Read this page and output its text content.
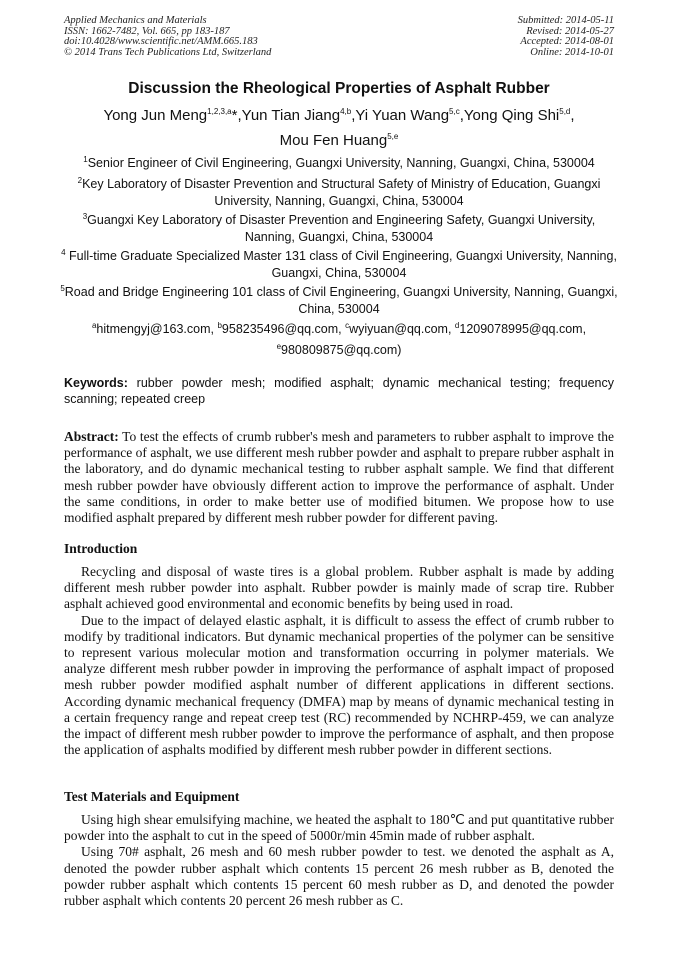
Applied Mechanics and Materials
ISSN: 1662-7482, Vol. 665, pp 183-187
doi:10.4028/www.scientific.net/AMM.665.183
© 2014 Trans Tech Publications Ltd, Switzerland
Submitted: 2014-05-11
Revised: 2014-05-27
Accepted: 2014-08-01
Online: 2014-10-01
Discussion the Rheological Properties of Asphalt Rubber
Yong Jun Meng$^{1,2,3,a}$*,Yun Tian Jiang$^{4,b}$,Yi Yuan Wang$^{5,c}$,Yong Qing Shi$^{5,d}$,
Mou Fen Huang$^{5,e}$
$^1$Senior Engineer of Civil Engineering, Guangxi University, Nanning, Guangxi, China, 530004
$^2$Key Laboratory of Disaster Prevention and Structural Safety of Ministry of Education, Guangxi University, Nanning, Guangxi, China, 530004
$^3$Guangxi Key Laboratory of Disaster Prevention and Engineering Safety, Guangxi University, Nanning, Guangxi, China, 530004
$^4$ Full-time Graduate Specialized Master 131 class of Civil Engineering, Guangxi University, Nanning, Guangxi, China, 530004
$^5$Road and Bridge Engineering 101 class of Civil Engineering, Guangxi University, Nanning, Guangxi, China, 530004
$^a$hitmengyj@163.com, $^b$958235496@qq.com, $^c$wyiyuan@qq.com, $^d$1209078995@qq.com,
$^e$980809875@qq.com)
Keywords: rubber powder mesh; modified asphalt; dynamic mechanical testing; frequency scanning; repeated creep
Abstract: To test the effects of crumb rubber's mesh and parameters to rubber asphalt to improve the performance of asphalt, we use different mesh rubber powder and asphalt to prepare rubber asphalt in the laboratory, and do dynamic mechanical testing to rubber asphalt sample. We find that different mesh rubber powder have obviously different action to improve the performance of asphalt. Under the same conditions, in order to make better use of modified bitumen. We propose how to use modified asphalt prepared by different mesh rubber powder for different paving.
Introduction

Recycling and disposal of waste tires is a global problem. Rubber asphalt is made by adding different mesh rubber powder into asphalt. Rubber powder is mainly made of scrap tire. Rubber asphalt achieved good environmental and economic benefits by being used in road.

Due to the impact of delayed elastic asphalt, it is difficult to assess the effect of crumb rubber to modify by traditional indicators. But dynamic mechanical properties of the polymer can be sensitive to represent various molecular motion and transformation occurring in polymer materials. We analyze different mesh rubber powder in improving the performance of asphalt impact of proposed mesh rubber powder modified asphalt number of different applications in different sections. According dynamic mechanical frequency (DMFA) map by means of dynamic mechanical testing in a certain frequency range and repeat creep test (RC) recommended by NCHRP-459, we can analyze the impact of different mesh rubber powder to improve the performance of asphalt, and then propose the application of asphalts modified by different mesh rubber powder in different sections.

Test Materials and Equipment

Using high shear emulsifying machine, we heated the asphalt to 180℃ and put quantitative rubber powder into the asphalt to cut in the speed of 5000r/min 45min made of rubber asphalt.

Using 70# asphalt, 26 mesh and 60 mesh rubber powder to test. we denoted the asphalt as A, denoted the powder rubber asphalt which contents 15 percent 26 mesh rubber as B, denoted the powder rubber asphalt which contents 15 percent 60 mesh rubber as D, and denoted the powder rubber asphalt which contents 20 percent 26 mesh rubber as C.
